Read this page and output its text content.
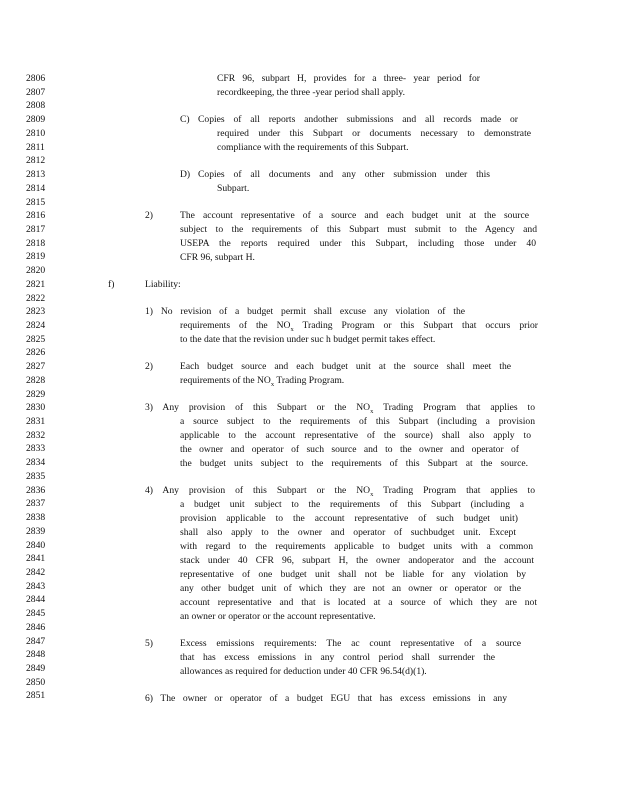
2806
2807
2808
2809
2810
2811
2812
2813
2814
2815
2816
2817
2818
2819
2820
2821
2822
2823
2824
2825
2826
2827
2828
2829
2830
2831
2832
2833
2834
2835
2836
2837
2838
2839
2840
2841
2842
2843
2844
2845
2846
2847
2848
2849
2850
2851
CFR 96, subpart H, provides for a three- year period for
recordkeeping, the three -year period shall apply.
C) Copies of all reports andother submissions and all records made or
required under this Subpart or documents necessary to demonstrate
compliance with the requirements of this Subpart.
D) Copies of all documents and any other submission under this
Subpart.
2)	The account representative of a source and each budget unit at the source
subject to the requirements of this Subpart must submit to the Agency and
USEPA the reports required under this Subpart, including those under 40
CFR 96, subpart H.
f)	Liability:
1) No revision of a budget permit shall excuse any violation of the
requirements of the $NO_x$ Trading Program or this Subpart that occurs prior
to the date that the revision under suc h budget permit takes effect.
2)	Each budget source and each budget unit at the source shall meet the
requirements of the $NO_x$ Trading Program.
3) Any provision of this Subpart or the $NO_x$ Trading Program that applies to
a source subject to the requirements of this Subpart (including a provision
applicable to the account representative of the source) shall also apply to
the owner and operator of such source and to the owner and operator of
the budget units subject to the requirements of this Subpart at the source.
4) Any provision of this Subpart or the $NO_x$ Trading Program that applies to
a budget unit subject to the requirements of this Subpart (including a
provision applicable to the account representative of such budget unit)
shall also apply to the owner and operator of suchbudget unit. Except
with regard to the requirements applicable to budget units with a common
stack under 40 CFR 96, subpart H, the owner andoperator and the account
representative of one budget unit shall not be liable for any violation by
any other budget unit of which they are not an owner or operator or the
account representative and that is located at a source of which they are not
an owner or operator or the account representative.
5)	Excess emissions requirements: The ac count representative of a source
that has excess emissions in any control period shall surrender the
allowances as required for deduction under 40 CFR 96.54(d)(1).
6) The owner or operator of a budget EGU that has excess emissions in any
